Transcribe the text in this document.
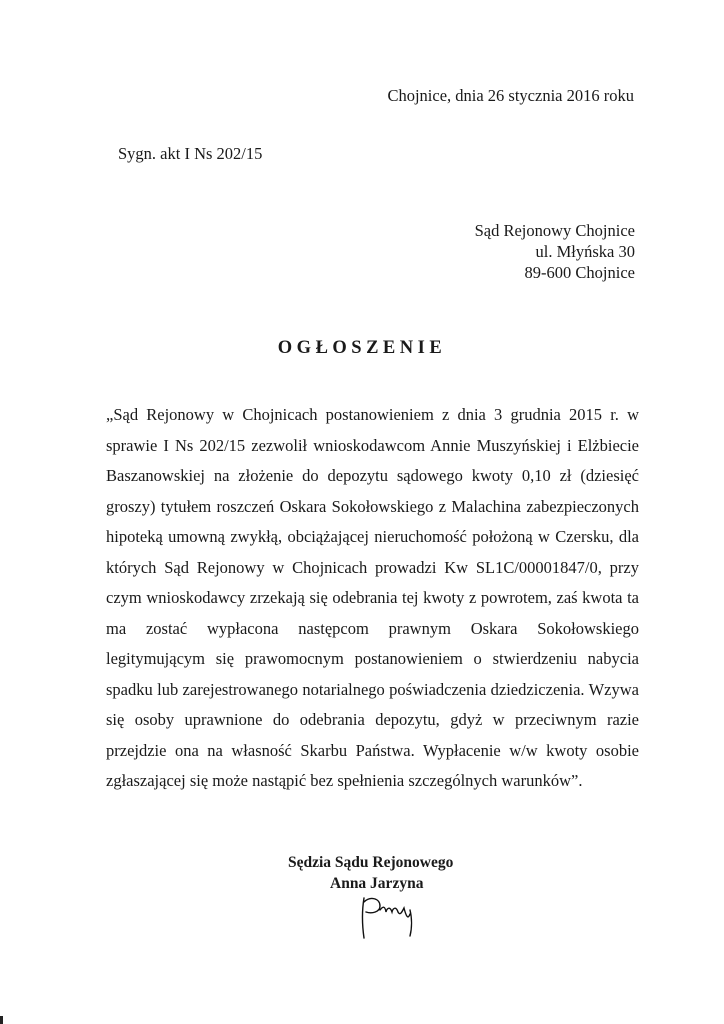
Chojnice, dnia 26 stycznia 2016 roku
Sygn. akt I Ns 202/15
Sąd Rejonowy Chojnice
ul. Młyńska 30
89-600 Chojnice
OGŁOSZENIE

„Sąd Rejonowy w Chojnicach postanowieniem z dnia 3 grudnia 2015 r. w sprawie I Ns 202/15 zezwolił wnioskodawcom Annie Muszyńskiej i Elżbiecie Baszanowskiej na złożenie do depozytu sądowego kwoty 0,10 zł (dziesięć groszy) tytułem roszczeń Oskara Sokołowskiego z Malachina zabezpieczonych hipoteką umowną zwykłą, obciążającej nieruchomość położoną w Czersku, dla których Sąd Rejonowy w Chojnicach prowadzi Kw SL1C/00001847/0, przy czym wnioskodawcy zrzekają się odebrania tej kwoty z powrotem, zaś kwota ta ma zostać wypłacona następcom prawnym Oskara Sokołowskiego legitymującym się prawomocnym postanowieniem o stwierdzeniu nabycia spadku lub zarejestrowanego notarialnego poświadczenia dziedziczenia. Wzywa się osoby uprawnione do odebrania depozytu, gdyż w przeciwnym razie przejdzie ona na własność Skarbu Państwa. Wypłacenie w/w kwoty osobie zgłaszającej się może nastąpić bez spełnienia szczególnych warunków”.

Sędzia Sądu Rejonowego
Anna Jarzyna
